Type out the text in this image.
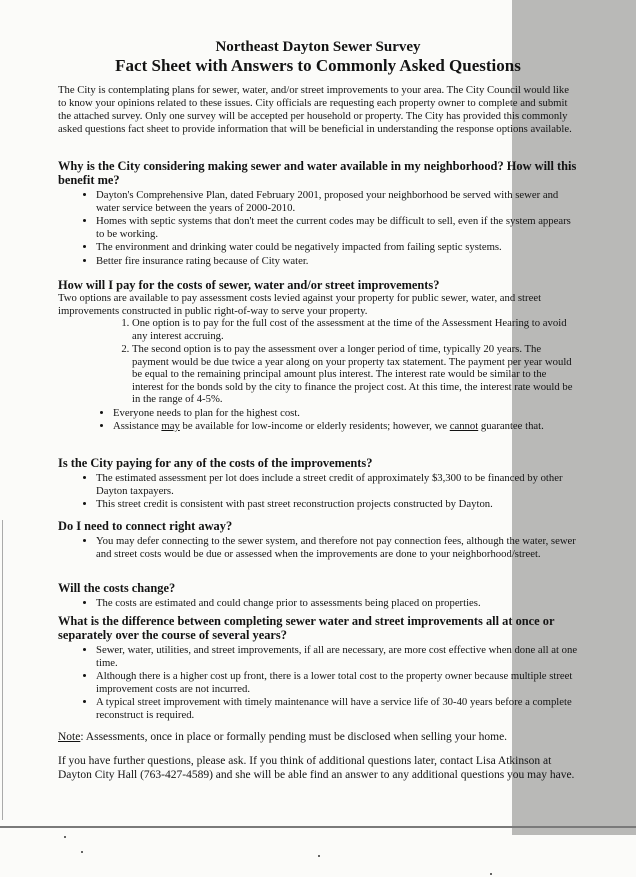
Northeast Dayton Sewer Survey
Fact Sheet with Answers to Commonly Asked Questions
The City is contemplating plans for sewer, water, and/or street improvements to your area. The City Council would like to know your opinions related to these issues. City officials are requesting each property owner to complete and submit the attached survey. Only one survey will be accepted per household or property. The City has provided this commonly asked questions fact sheet to provide information that will be beneficial in understanding the response options available.

Why is the City considering making sewer and water available in my neighborhood? How will this benefit me?

• Dayton's Comprehensive Plan, dated February 2001, proposed your neighborhood be served with sewer and water service between the years of 2000-2010.
• Homes with septic systems that don't meet the current codes may be difficult to sell, even if the system appears to be working.
• The environment and drinking water could be negatively impacted from failing septic systems.
• Better fire insurance rating because of City water.

How will I pay for the costs of sewer, water and/or street improvements?

Two options are available to pay assessment costs levied against your property for public sewer, water, and street improvements constructed in public right-of-way to serve your property.

1. One option is to pay for the full cost of the assessment at the time of the Assessment Hearing to avoid any interest accruing.
2. The second option is to pay the assessment over a longer period of time, typically 20 years. The payment would be due twice a year along on your property tax statement. The payment per year would be equal to the remaining principal amount plus interest. The interest rate would be similar to the interest for the bonds sold by the city to finance the project cost. At this time, the interest rate would be in the range of 4-5%.
• Everyone needs to plan for the highest cost.
• Assistance may be available for low-income or elderly residents; however, we cannot guarantee that.

Is the City paying for any of the costs of the improvements?

• The estimated assessment per lot does include a street credit of approximately $3,300 to be financed by other Dayton taxpayers.
• This street credit is consistent with past street reconstruction projects constructed by Dayton.

Do I need to connect right away?

• You may defer connecting to the sewer system, and therefore not pay connection fees, although the water, sewer and street costs would be due or assessed when the improvements are done to your neighborhood/street.

Will the costs change?

• The costs are estimated and could change prior to assessments being placed on properties.

What is the difference between completing sewer water and street improvements all at once or separately over the course of several years?

• Sewer, water, utilities, and street improvements, if all are necessary, are more cost effective when done all at one time.
• Although there is a higher cost up front, there is a lower total cost to the property owner because multiple street improvement costs are not incurred.
• A typical street improvement with timely maintenance will have a service life of 30-40 years before a complete reconstruct is required.

Note: Assessments, once in place or formally pending must be disclosed when selling your home.

If you have further questions, please ask. If you think of additional questions later, contact Lisa Atkinson at Dayton City Hall (763-427-4589) and she will be able find an answer to any additional questions you may have.
